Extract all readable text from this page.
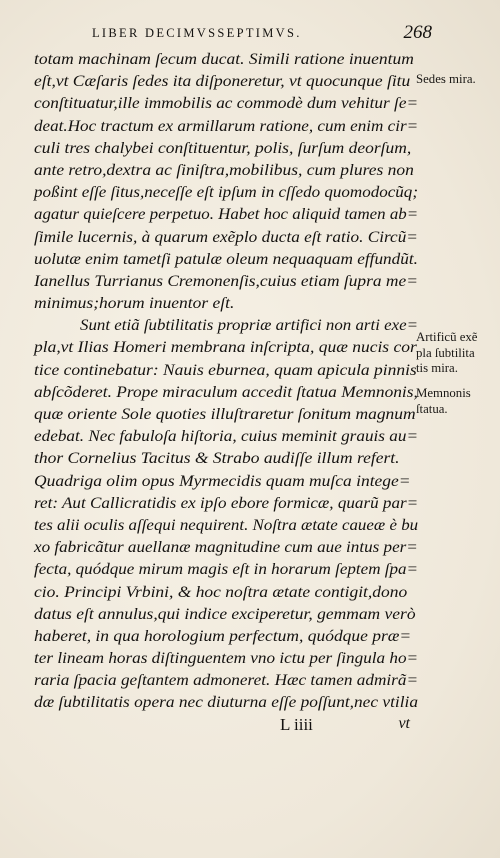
LIBER DECIMVSSEPTIMVS.	268
totam machinam ſecum ducat. Simili ratione inuentum
eſt,vt Cæſaris ſedes ita diſponeretur, vt quocunque ſitu
conſtituatur,ille immobilis ac commodè dum vehitur ſe=
deat.Hoc tractum ex armillarum ratione, cum enim cir=
culi tres chalybei conſtituentur, polis, ſurſum deorſum,
ante retro,dextra ac ſiniſtra,mobilibus, cum plures non
poßint eſſe ſitus,neceſſe eſt ipſum in cſſedo quomodocũq;
agatur quieſcere perpetuo. Habet hoc aliquid tamen ab=
ſimile lucernis, à quarum exẽplo ducta eſt ratio. Circũ=
uolutæ enim tametſi patulæ oleum nequaquam effundũt.
Ianellus Turrianus Cremonenſis,cuius etiam ſupra me=
minimus;horum inuentor eſt.
Sunt etiã ſubtilitatis propriæ artifici non arti exe=
pla,vt Ilias Homeri membrana inſcripta, quæ nucis cor
tice continebatur: Nauis eburnea, quam apicula pinnis
abſcõderet. Prope miraculum accedit ſtatua Memnonis,
quæ oriente Sole quoties illuſtraretur ſonitum magnum
edebat. Nec fabuloſa hiſtoria, cuius meminit grauis au=
thor Cornelius Tacitus & Strabo audiſſe illum refert.
Quadriga olim opus Myrmecidis quam muſca intege=
ret: Aut Callicratidis ex ipſo ebore formicæ, quarũ par=
tes alii oculis aſſequi nequirent. Noſtra ætate caueæ è bu
xo fabricãtur auellanæ magnitudine cum aue intus per=
fecta, quódque mirum magis eſt in horarum ſeptem ſpa=
cio. Principi Vrbini, & hoc noſtra ætate contigit,dono
datus eſt annulus,qui indice exciperetur, gemmam verò
haberet, in qua horologium perfectum, quódque præ=
ter lineam horas diſtinguentem vno ictu per ſingula ho=
raria ſpacia geſtantem admoneret. Hæc tamen admirã=
dæ ſubtilitatis opera nec diuturna eſſe poſſunt,nec vtilia
Sedes mira.
Artificũ exẽ
pla ſubtilita
tis mira.
Memnonis
ſtatua.
L iiii	vt
